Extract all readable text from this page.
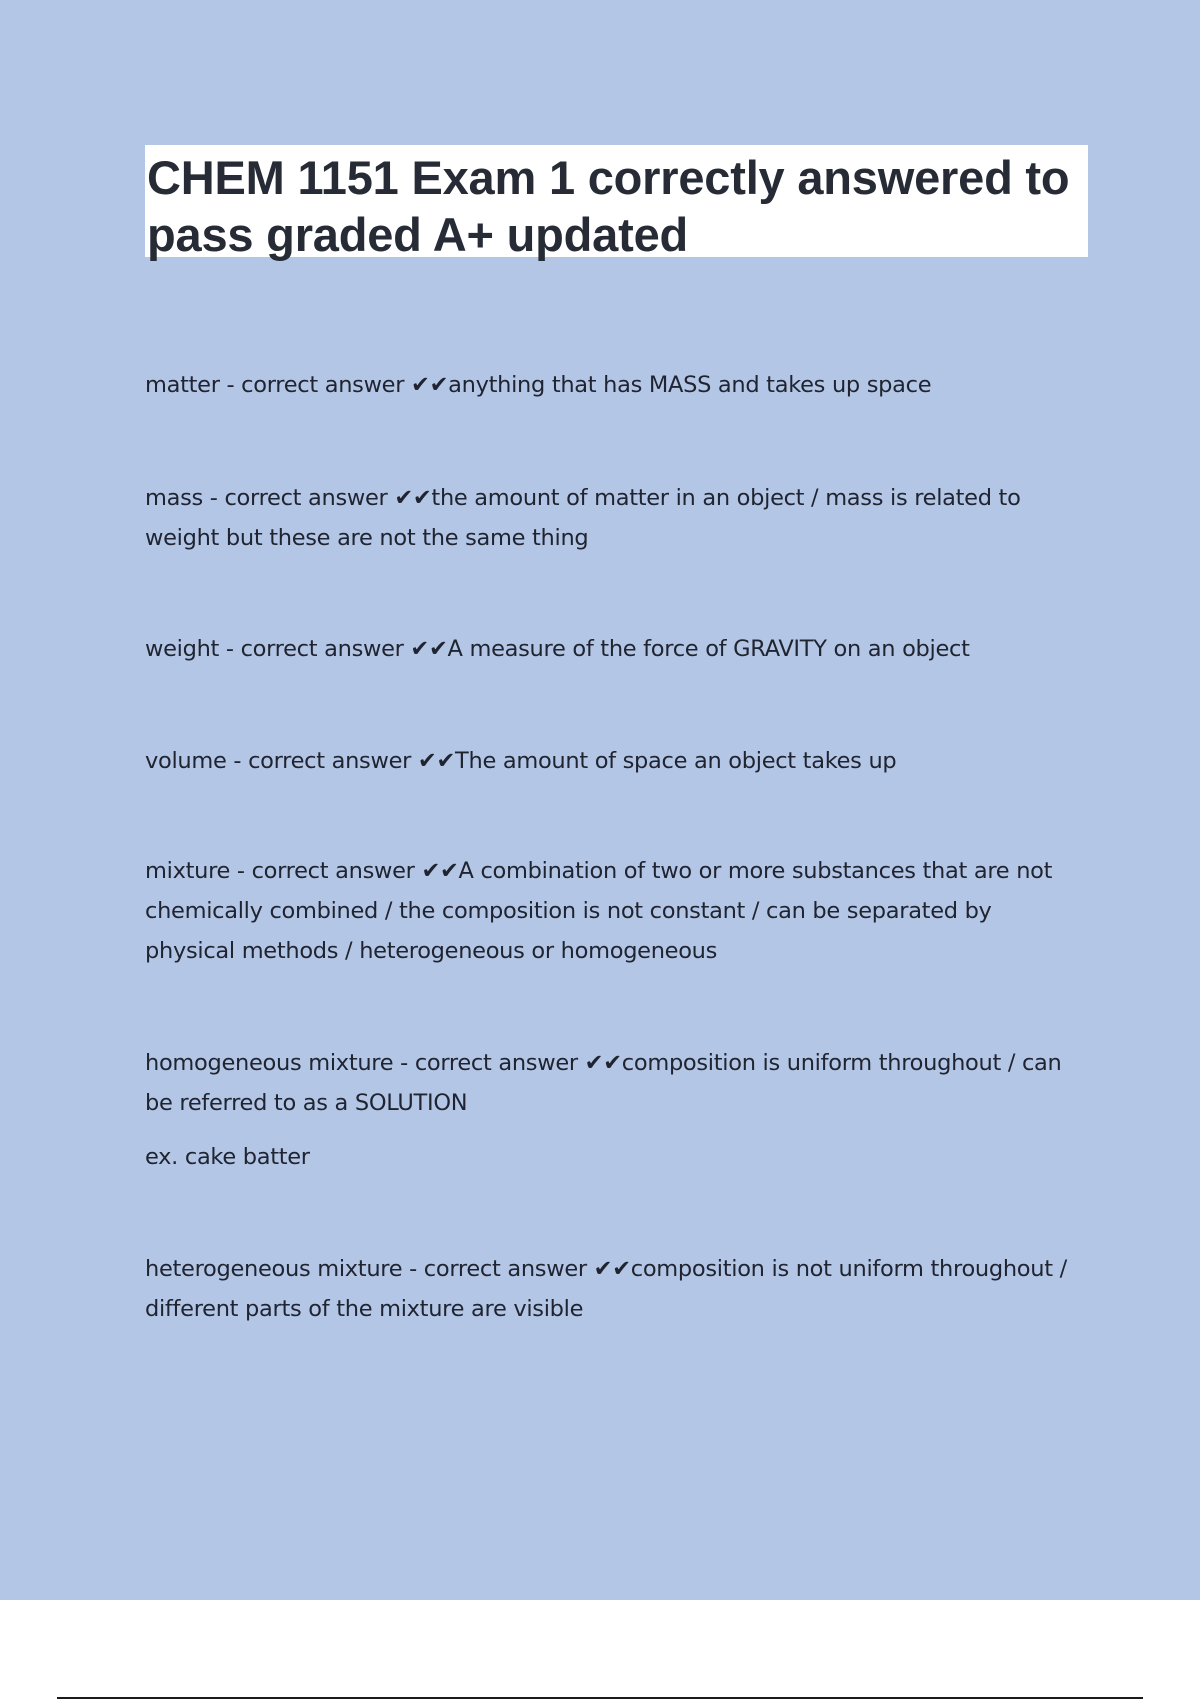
CHEM 1151 Exam 1 correctly answered to pass graded A+ updated

matter - correct answer ✔✔anything that has MASS and takes up space

mass - correct answer ✔✔the amount of matter in an object / mass is related to weight but these are not the same thing

weight - correct answer ✔✔A measure of the force of GRAVITY on an object

volume - correct answer ✔✔The amount of space an object takes up

mixture - correct answer ✔✔A combination of two or more substances that are not chemically combined / the composition is not constant / can be separated by physical methods / heterogeneous or homogeneous

homogeneous mixture - correct answer ✔✔composition is uniform throughout / can be referred to as a SOLUTION

ex. cake batter

heterogeneous mixture - correct answer ✔✔composition is not uniform throughout / different parts of the mixture are visible
